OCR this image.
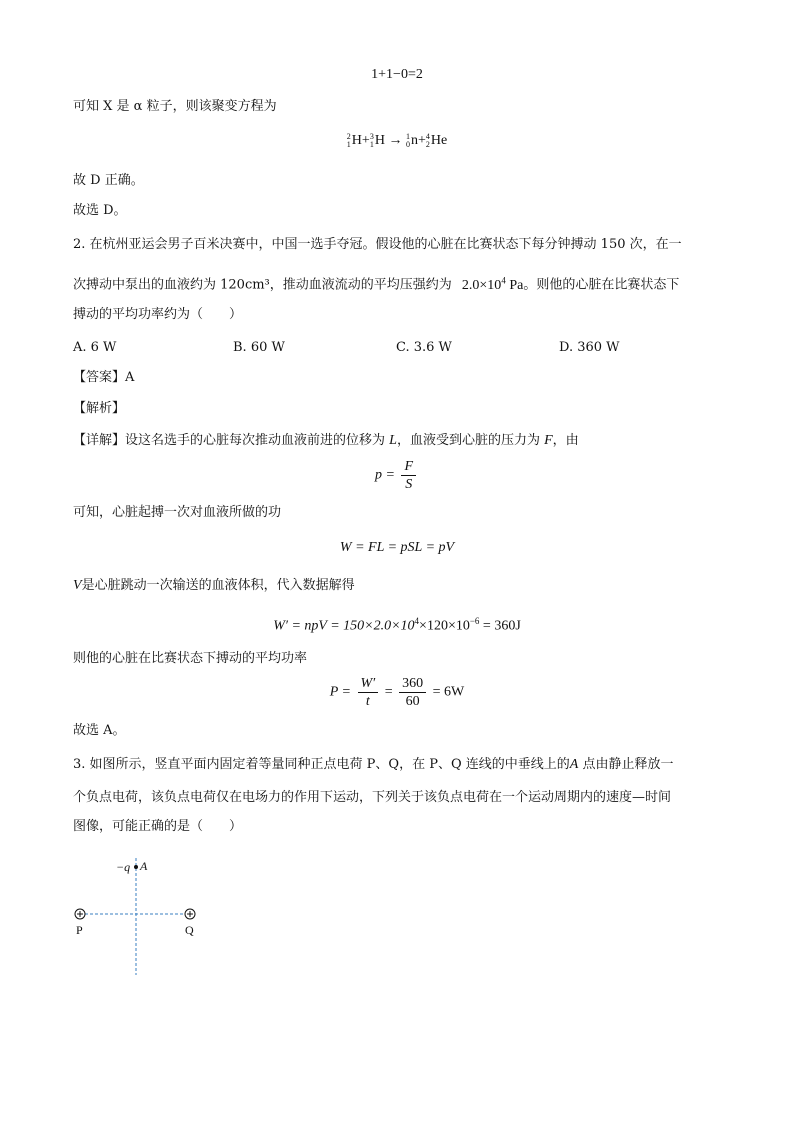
1+1−0=2
可知 X 是 α 粒子，则该聚变方程为
2
1 H+ 3
1 H → 1
0 n+ 4
2 He
故 D 正确。
故选 D。
2. 在杭州亚运会男子百米决赛中，中国一选手夺冠。假设他的心脏在比赛状态下每分钟搏动 150 次，在一
次搏动中泵出的血液约为 120cm³，推动血液流动的平均压强约为 $2.0\times 10^4$ Pa。则他的心脏在比赛状态下
搏动的平均功率约为（　　）
A. 6 W	B. 60 W	C. 3.6 W	D. 360 W
【答案】A
【解析】
【详解】设这名选手的心脏每次推动血液前进的位移为 L，血液受到心脏的压力为 F，由
$p = \frac{F}{S}$
可知，心脏起搏一次对血液所做的功
W = FL = pSL = pV
V是心脏跳动一次输送的血液体积，代入数据解得
W′ = npV = $150\times 2.0\times 10^4\times 120\times 10^{-6} = 360J$
则他的心脏在比赛状态下搏动的平均功率
$P = \frac{W'}{t} = \frac{360}{60} = 6W$
故选 A。
3. 如图所示，竖直平面内固定着等量同种正点电荷 P、Q，在 P、Q 连线的中垂线上的A 点由静止释放一
个负点电荷，该负点电荷仅在电场力的作用下运动，下列关于该负点电荷在一个运动周期内的速度—时间
图像，可能正确的是（　　）
−q A
P	Q
